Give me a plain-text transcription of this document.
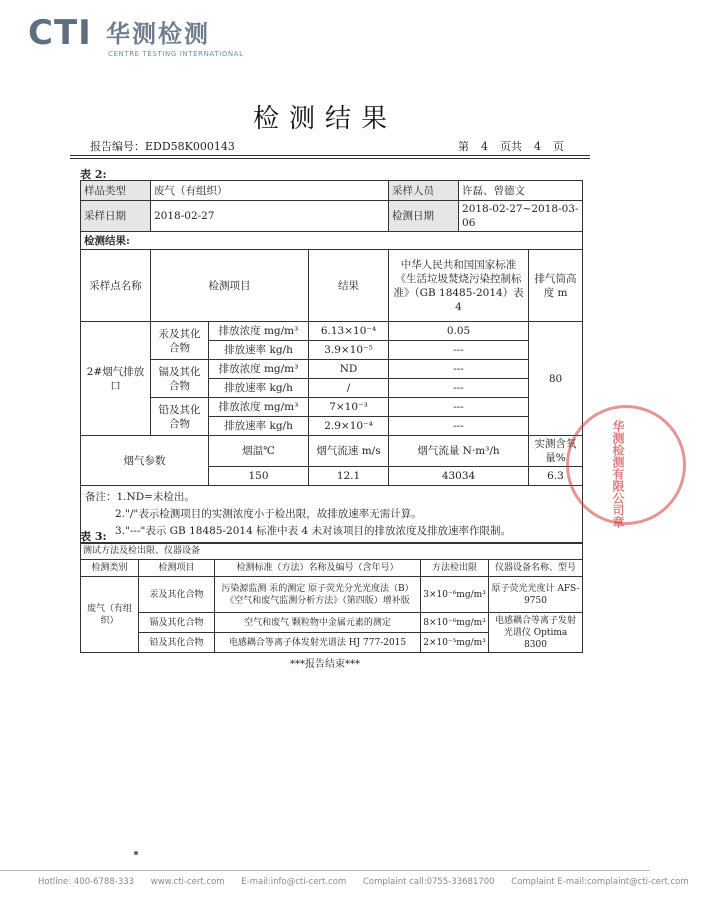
CTI 华测检测
CENTRE TESTING INTERNATIONAL
检测结果
报告编号：EDD58K000143	第 4 页共 4 页
表 2:
样品类型	废气（有组织）			采样人员	许磊、曾德文	
采样日期	2018-02-27			检测日期	2018-02-27~2018-03-06	
检测结果:						
采样点名称	检测项目		结果	中华人民共和国国家标准《生活垃圾焚烧污染控制标准》（GB 18485-2014）表 4		排气筒高度 m
2#烟气排放口	汞及其化合物	排放浓度 mg/m³	6.13×10⁻⁴	0.05		80
		排放速率 kg/h	3.9×10⁻⁵	---		
	镉及其化合物	排放浓度 mg/m³	ND	---		
		排放速率 kg/h	/	---		
	铅及其化合物	排放浓度 mg/m³	7×10⁻³	---		
		排放速率 kg/h	2.9×10⁻⁴	---		
烟气参数		烟温℃	烟气流速 m/s	烟气流量 N·m³/h		实测含氧量%
		150	12.1	43034		6.3

备注：1.ND=未检出。
2."/"表示检测项目的实测浓度小于检出限，故排放速率无需计算。
3."---"表示 GB 18485-2014 标准中表 4 未对该项目的排放浓度及排放速率作限制。						
表 3:
测试方法及检出限、仪器设备				
检测类别	检测项目	检测标准（方法）名称及编号（含年号）	方法检出限	仪器设备名称、型号
废气（有组织）	汞及其化合物	污染源监测 汞的测定 原子荧光分光光度法（B）《空气和废气监测分析方法》（第四版）增补版	3×10⁻⁶mg/m³	原子荧光光度计 AFS-9750
	镉及其化合物	空气和废气 颗粒物中金属元素的测定	8×10⁻⁶mg/m³	电感耦合等离子发射光谱仪 Optima 8300
	铅及其化合物	电感耦合等离子体发射光谱法 HJ 777-2015	2×10⁻⁵mg/m³	
***报告结束***
华测检测有限公司章
Hotline: 400-6788-333 www.cti-cert.com E-mail:info@cti-cert.com Complaint call:0755-33681700 Complaint E-mail:complaint@cti-cert.com
